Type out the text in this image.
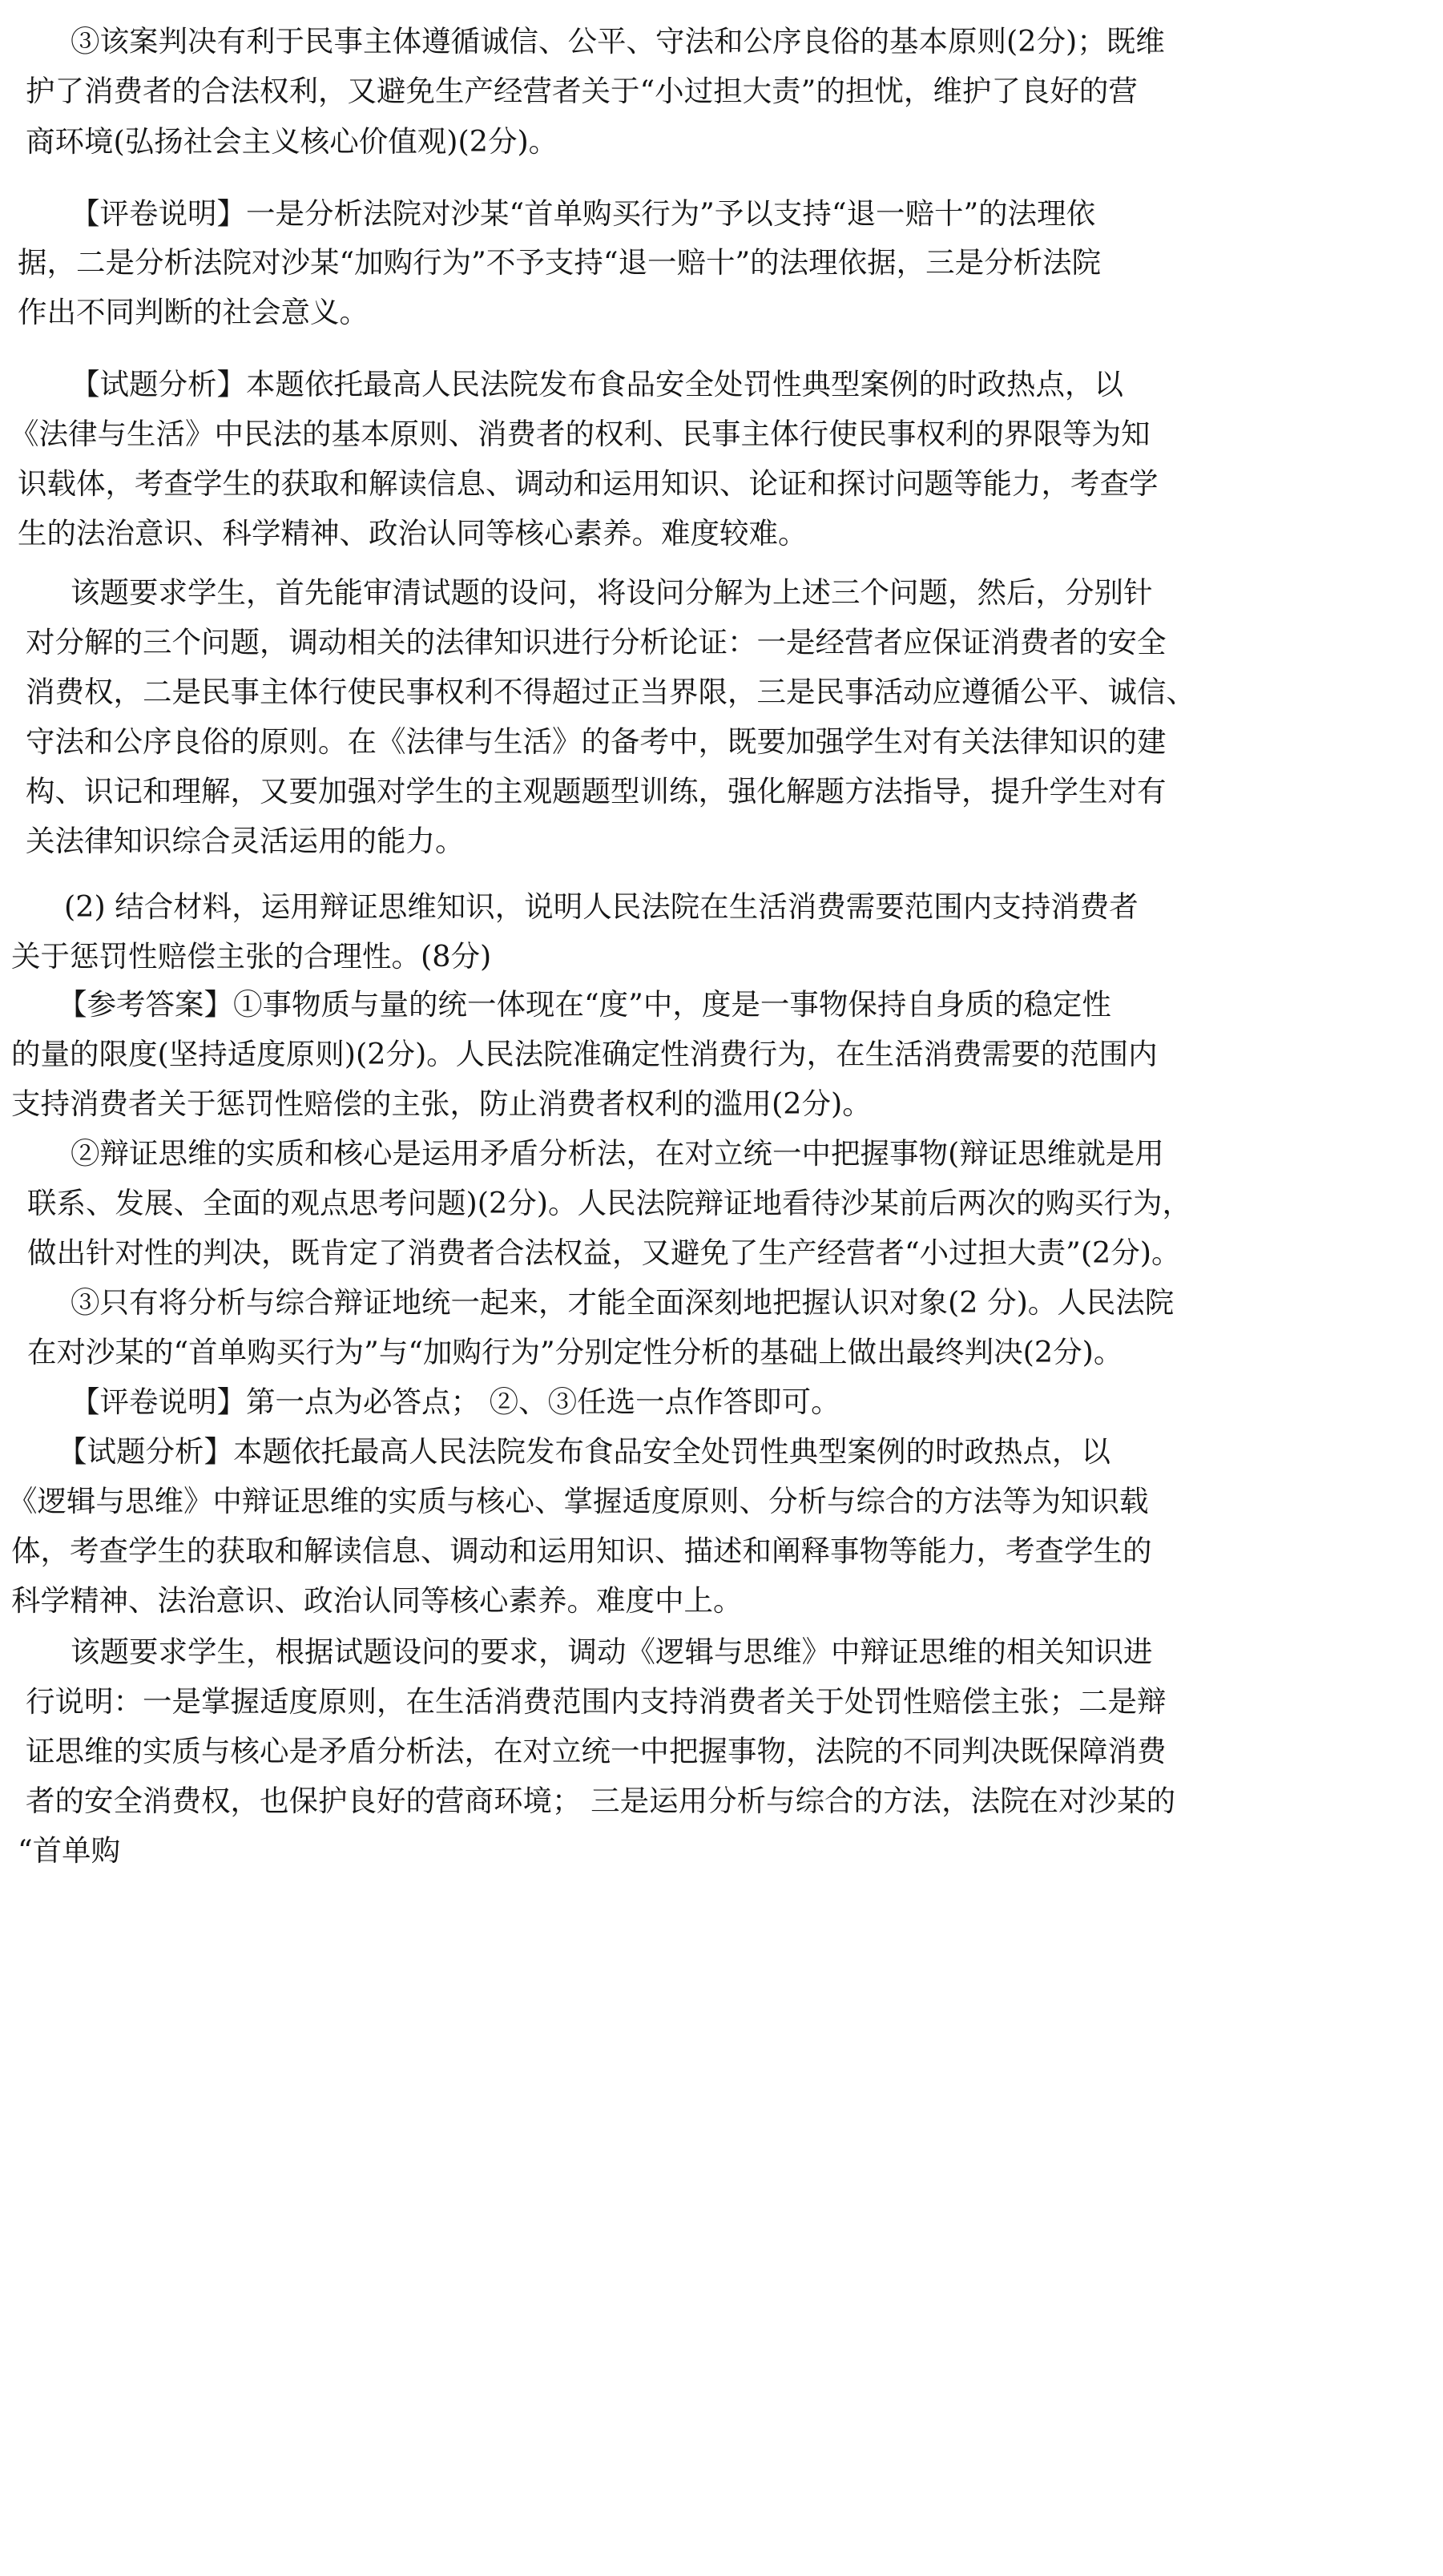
③该案判决有利于民事主体遵循诚信、公平、守法和公序良俗的基本原则(2分)；既维
护了消费者的合法权利，又避免生产经营者关于“小过担大责”的担忧，维护了良好的营
商环境(弘扬社会主义核心价值观)(2分)。
【评卷说明】一是分析法院对沙某“首单购买行为”予以支持“退一赔十”的法理依
据，二是分析法院对沙某“加购行为”不予支持“退一赔十”的法理依据，三是分析法院
作出不同判断的社会意义。
【试题分析】本题依托最高人民法院发布食品安全处罚性典型案例的时政热点，以
《法律与生活》中民法的基本原则、消费者的权利、民事主体行使民事权利的界限等为知
识载体，考查学生的获取和解读信息、调动和运用知识、论证和探讨问题等能力，考查学
生的法治意识、科学精神、政治认同等核心素养。难度较难。
该题要求学生，首先能审清试题的设问，将设问分解为上述三个问题，然后，分别针
对分解的三个问题，调动相关的法律知识进行分析论证：一是经营者应保证消费者的安全
消费权，二是民事主体行使民事权利不得超过正当界限，三是民事活动应遵循公平、诚信、
守法和公序良俗的原则。在《法律与生活》的备考中，既要加强学生对有关法律知识的建
构、识记和理解，又要加强对学生的主观题题型训练，强化解题方法指导，提升学生对有
关法律知识综合灵活运用的能力。
(2) 结合材料，运用辩证思维知识，说明人民法院在生活消费需要范围内支持消费者
关于惩罚性赔偿主张的合理性。(8分)
【参考答案】①事物质与量的统一体现在“度”中，度是一事物保持自身质的稳定性
的量的限度(坚持适度原则)(2分)。人民法院准确定性消费行为，在生活消费需要的范围内
支持消费者关于惩罚性赔偿的主张，防止消费者权利的滥用(2分)。
②辩证思维的实质和核心是运用矛盾分析法，在对立统一中把握事物(辩证思维就是用
联系、发展、全面的观点思考问题)(2分)。人民法院辩证地看待沙某前后两次的购买行为，
做出针对性的判决，既肯定了消费者合法权益，又避免了生产经营者“小过担大责”(2分)。
③只有将分析与综合辩证地统一起来，才能全面深刻地把握认识对象(2 分)。人民法院
在对沙某的“首单购买行为”与“加购行为”分别定性分析的基础上做出最终判决(2分)。
【评卷说明】第一点为必答点； ②、③任选一点作答即可。
【试题分析】本题依托最高人民法院发布食品安全处罚性典型案例的时政热点，以
《逻辑与思维》中辩证思维的实质与核心、掌握适度原则、分析与综合的方法等为知识载
体，考查学生的获取和解读信息、调动和运用知识、描述和阐释事物等能力，考查学生的
科学精神、法治意识、政治认同等核心素养。难度中上。
该题要求学生，根据试题设问的要求，调动《逻辑与思维》中辩证思维的相关知识进
行说明：一是掌握适度原则，在生活消费范围内支持消费者关于处罚性赔偿主张；二是辩
证思维的实质与核心是矛盾分析法，在对立统一中把握事物，法院的不同判决既保障消费
者的安全消费权，也保护良好的营商环境； 三是运用分析与综合的方法，法院在对沙某的
“首单购
